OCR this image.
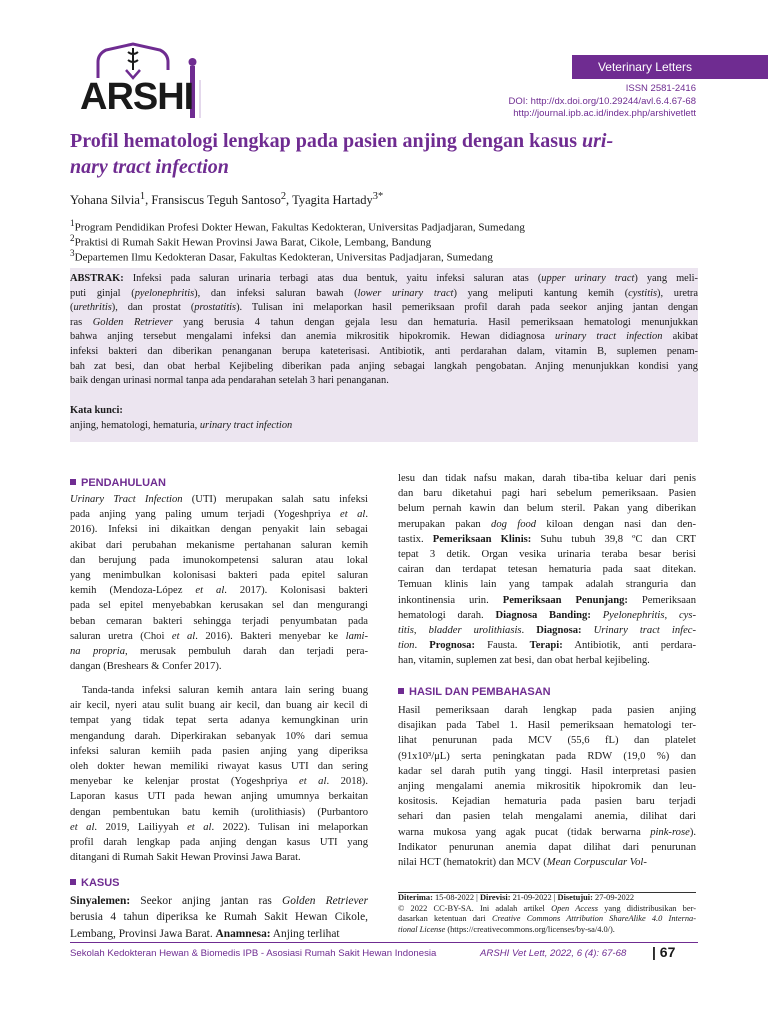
ARSHI
Veterinary Letters
ISSN 2581-2416
DOI: http://dx.doi.org/10.29244/avl.6.4.67-68
http://journal.ipb.ac.id/index.php/arshivetlett
Profil hematologi lengkap pada pasien anjing dengan kasus uri-
nary tract infection
Yohana Silvia$^1$, Fransiscus Teguh Santoso$^2$, Tyagita Hartady$^{3*}$
$^1$Program Pendidikan Profesi Dokter Hewan, Fakultas Kedokteran, Universitas Padjadjaran, Sumedang
$^2$Praktisi di Rumah Sakit Hewan Provinsi Jawa Barat, Cikole, Lembang, Bandung
$^3$Departemen Ilmu Kedokteran Dasar, Fakultas Kedokteran, Universitas Padjadjaran, Sumedang
ABSTRAK: Infeksi pada saluran urinaria terbagi atas dua bentuk, yaitu infeksi saluran atas (upper urinary tract) yang meli-
puti ginjal (pyelonephritis), dan infeksi saluran bawah (lower urinary tract) yang meliputi kantung kemih (cystitis), uretra
(urethritis), dan prostat (prostatitis). Tulisan ini melaporkan hasil pemeriksaan profil darah pada seekor anjing jantan dengan
ras Golden Retriever yang berusia 4 tahun dengan gejala lesu dan hematuria. Hasil pemeriksaan hematologi menunjukkan
bahwa anjing tersebut mengalami infeksi dan anemia mikrositik hipokromik. Hewan didiagnosa urinary tract infection akibat
infeksi bakteri dan diberikan penanganan berupa kateterisasi. Antibiotik, anti perdarahan dalam, vitamin B, suplemen penam-
bah zat besi, dan obat herbal Kejibeling diberikan pada anjing sebagai langkah pengobatan. Anjing menunjukkan kondisi yang
baik dengan urinasi normal tanpa ada pendarahan setelah 3 hari penanganan.
Kata kunci:
anjing, hematologi, hematuria, urinary tract infection
PENDAHULUAN
Urinary Tract Infection (UTI) merupakan salah satu infeksi
pada anjing yang paling umum terjadi (Yogeshpriya et al.
2016). Infeksi ini dikaitkan dengan penyakit lain sebagai
akibat dari perubahan mekanisme pertahanan saluran kemih
dan berujung pada imunokompetensi saluran atau lokal
yang menimbulkan kolonisasi bakteri pada epitel saluran
kemih (Mendoza-López et al. 2017). Kolonisasi bakteri
pada sel epitel menyebabkan kerusakan sel dan mengurangi
beban cemaran bakteri sehingga terjadi penyumbatan pada
saluran uretra (Choi et al. 2016). Bakteri menyebar ke lami-
na propria, merusak pembuluh darah dan terjadi pera-
dangan (Breshears & Confer 2017).
Tanda-tanda infeksi saluran kemih antara lain sering buang
air kecil, nyeri atau sulit buang air kecil, dan buang air kecil di
tempat yang tidak tepat serta adanya kemungkinan urin
mengandung darah. Diperkirakan sebanyak 10% dari semua
infeksi saluran kemiih pada pasien anjing yang diperiksa
oleh dokter hewan memiliki riwayat kasus UTI dan sering
menyebar ke kelenjar prostat (Yogeshpriya et al. 2018).
Laporan kasus UTI pada hewan anjing umumnya berkaitan
dengan pembentukan batu kemih (urolithiasis) (Purbantoro
et al. 2019, Lailiyyah et al. 2022). Tulisan ini melaporkan
profil darah lengkap pada anjing dengan kasus UTI yang
ditangani di Rumah Sakit Hewan Provinsi Jawa Barat.
KASUS
Sinyalemen: Seekor anjing jantan ras Golden Retriever
berusia 4 tahun diperiksa ke Rumah Sakit Hewan Cikole,
Lembang, Provinsi Jawa Barat. Anamnesa: Anjing terlihat
lesu dan tidak nafsu makan, darah tiba-tiba keluar dari penis
dan baru diketahui pagi hari sebelum pemeriksaan. Pasien
belum pernah kawin dan belum steril. Pakan yang diberikan
merupakan pakan dog food kiloan dengan nasi dan den-
tastix. Pemeriksaan Klinis: Suhu tubuh 39,8 ºC dan CRT
tepat 3 detik. Organ vesika urinaria teraba besar berisi
cairan dan terdapat tetesan hematuria pada saat ditekan.
Temuan klinis lain yang tampak adalah stranguria dan
inkontinensia urin. Pemeriksaan Penunjang: Pemeriksaan
hematologi darah. Diagnosa Banding: Pyelonephritis, cys-
titis, bladder urolithiasis. Diagnosa: Urinary tract infec-
tion. Prognosa: Fausta. Terapi: Antibiotik, anti perdara-
han, vitamin, suplemen zat besi, dan obat herbal kejibeling.
HASIL DAN PEMBAHASAN
Hasil pemeriksaan darah lengkap pada pasien anjing
disajikan pada Tabel 1. Hasil pemeriksaan hematologi ter-
lihat penurunan pada MCV (55,6 fL) dan platelet
(91x10³/μL) serta peningkatan pada RDW (19,0 %) dan
kadar sel darah putih yang tinggi. Hasil interpretasi pasien
anjing mengalami anemia mikrositik hipokromik dan leu-
kositosis. Kejadian hematuria pada pasien baru terjadi
sehari dan pasien telah mengalami anemia, dilihat dari
warna mukosa yang agak pucat (tidak berwarna pink-rose).
Indikator penurunan anemia dapat dilihat dari penurunan
nilai HCT (hematokrit) dan MCV (Mean Corpuscular Vol-
Diterima: 15-08-2022 | Direvisi: 21-09-2022 | Disetujui: 27-09-2022
© 2022 CC-BY-SA. Ini adalah artikel Open Access yang didistribusikan ber-
dasarkan ketentuan dari Creative Commons Attribution ShareAlike 4.0 Interna-
tional License (https://creativecommons.org/licenses/by-sa/4.0/).
Sekolah Kedokteran Hewan & Biomedis IPB - Asosiasi Rumah Sakit Hewan Indonesia	ARSHI Vet Lett, 2022, 6 (4): 67-68 | 67
